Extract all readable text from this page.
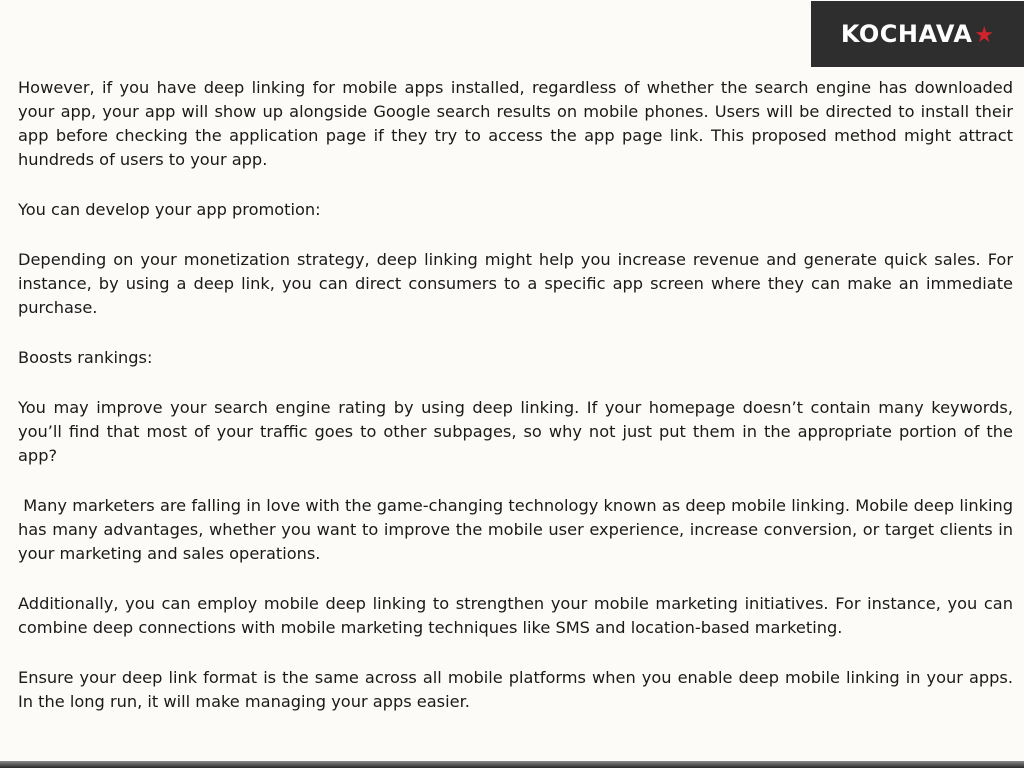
KOCHAVA ★

However, if you have deep linking for mobile apps installed, regardless of whether the search engine has downloaded your app, your app will show up alongside Google search results on mobile phones. Users will be directed to install their app before checking the application page if they try to access the app page link. This proposed method might attract hundreds of users to your app.

You can develop your app promotion:

Depending on your monetization strategy, deep linking might help you increase revenue and generate quick sales. For instance, by using a deep link, you can direct consumers to a specific app screen where they can make an immediate purchase.

Boosts rankings:

You may improve your search engine rating by using deep linking. If your homepage doesn’t contain many keywords, you’ll find that most of your traffic goes to other subpages, so why not just put them in the appropriate portion of the app?

Many marketers are falling in love with the game-changing technology known as deep mobile linking. Mobile deep linking has many advantages, whether you want to improve the mobile user experience, increase conversion, or target clients in your marketing and sales operations.

Additionally, you can employ mobile deep linking to strengthen your mobile marketing initiatives. For instance, you can combine deep connections with mobile marketing techniques like SMS and location-based marketing.

Ensure your deep link format is the same across all mobile platforms when you enable deep mobile linking in your apps. In the long run, it will make managing your apps easier.
